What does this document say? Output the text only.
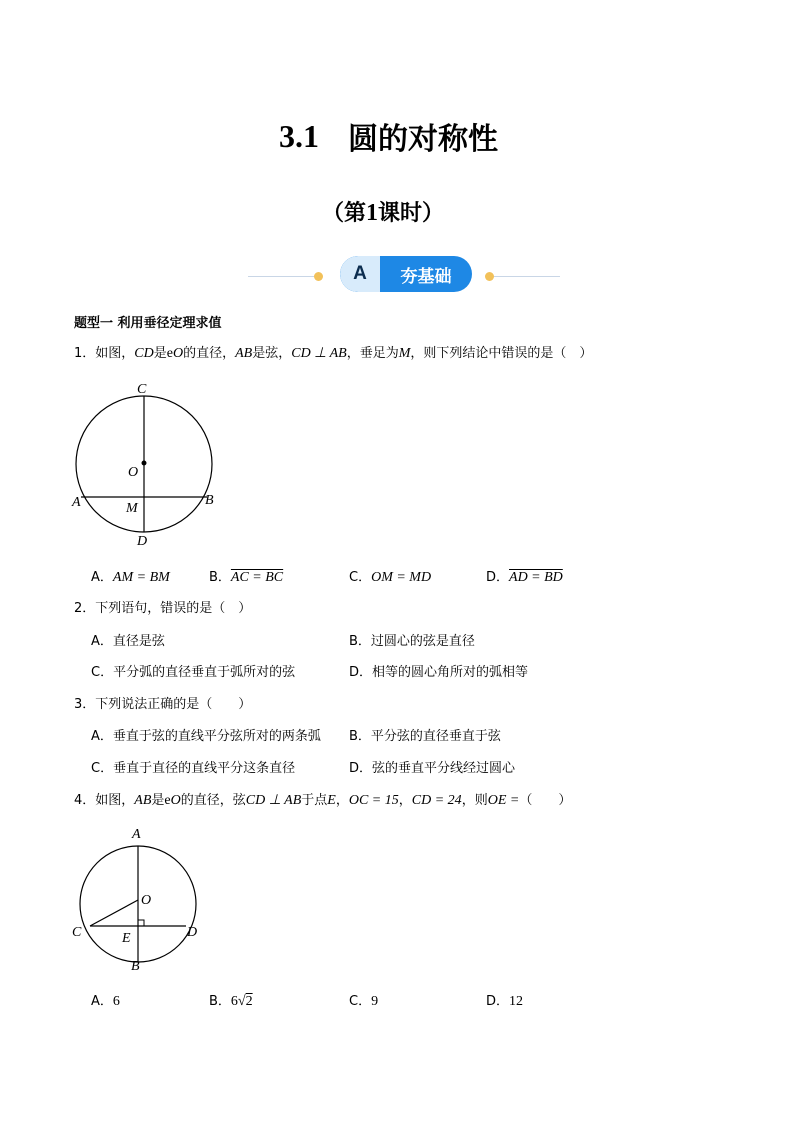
3.1 圆的对称性
（第1课时）
A	夯基础
题型一 利用垂径定理求值
1．如图，CD是eO的直径，AB是弦，CD ⊥ AB，垂足为M，则下列结论中错误的是（　）
C
O
A	M
B
D
A．AM = BM	B．AC = BC	C．OM = MD	D．AD = BD
2．下列语句，错误的是（　）
A．直径是弦	B．过圆心的弦是直径
C．平分弧的直径垂直于弧所对的弦	D．相等的圆心角所对的弧相等
3．下列说法正确的是（　　）
A．垂直于弦的直线平分弦所对的两条弧 B．平分弦的直径垂直于弦
C．垂直于直径的直线平分这条直径	D．弦的垂直平分线经过圆心
4．如图，AB是eO的直径，弦CD ⊥ AB于点E，OC = 15，CD = 24，则OE =（　　）
A
O
C	E	D
B
A．6	B．6√2	C．9	D．12
